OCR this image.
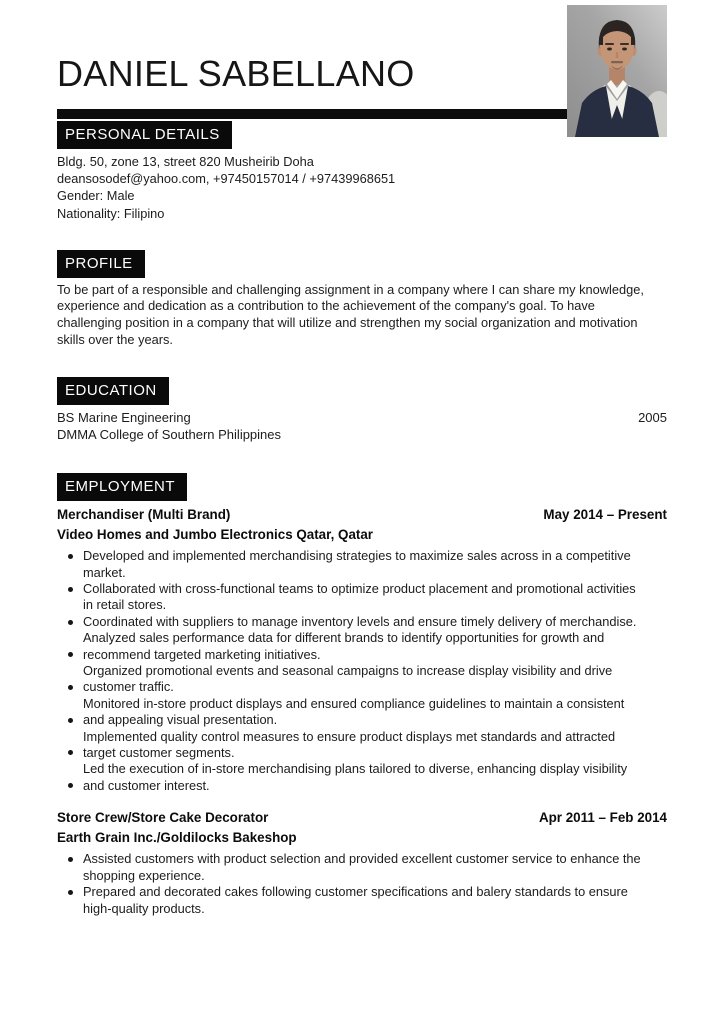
DANIEL SABELLANO
PERSONAL DETAILS
Bldg. 50, zone 13, street 820 Musheirib Doha
deansosodef@yahoo.com, +97450157014 / +97439968651
Gender: Male
Nationality: Filipino
PROFILE
To be part of a responsible and challenging assignment in a company where I can share my knowledge,
experience and dedication as a contribution to the achievement of the company's goal. To have
challenging position in a company that will utilize and strengthen my social organization and motivation
skills over the years.
EDUCATION
BS Marine Engineering	2005
DMMA College of Southern Philippines
EMPLOYMENT
Merchandiser (Multi Brand)	May 2014 – Present
Video Homes and Jumbo Electronics Qatar, Qatar
Developed and implemented merchandising strategies to maximize sales across in a competitive
market.
Collaborated with cross-functional teams to optimize product placement and promotional activities
in retail stores.
Coordinated with suppliers to manage inventory levels and ensure timely delivery of merchandise.
Analyzed sales performance data for different brands to identify opportunities for growth and
recommend targeted marketing initiatives.
Organized promotional events and seasonal campaigns to increase display visibility and drive
customer traffic.
Monitored in-store product displays and ensured compliance guidelines to maintain a consistent
and appealing visual presentation.
Implemented quality control measures to ensure product displays met standards and attracted
target customer segments.
Led the execution of in-store merchandising plans tailored to diverse, enhancing display visibility
and customer interest.
Store Crew/Store Cake Decorator	Apr 2011 – Feb 2014
Earth Grain Inc./Goldilocks Bakeshop
Assisted customers with product selection and provided excellent customer service to enhance the
shopping experience.
Prepared and decorated cakes following customer specifications and balery standards to ensure
high-quality products.
